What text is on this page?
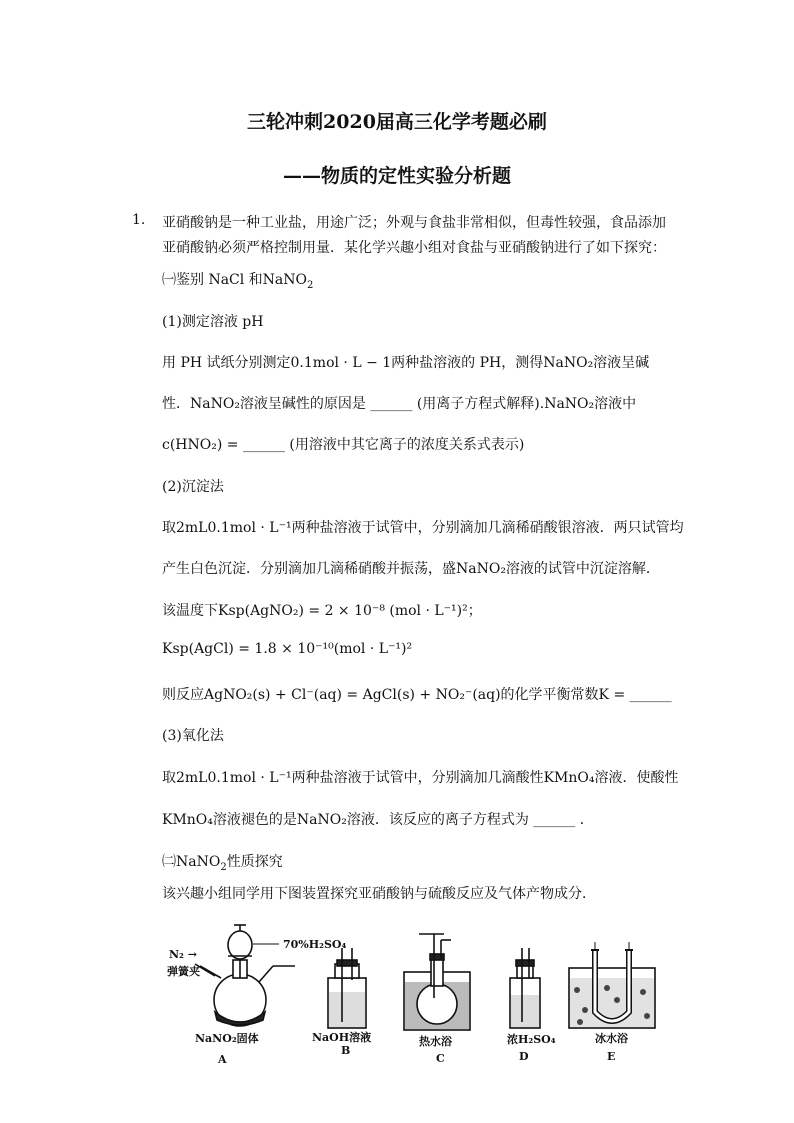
三轮冲刺2020届高三化学考题必刷
——物质的定性实验分析题
1. 亚硝酸钠是一种工业盐，用途广泛；外观与食盐非常相似，但毒性较强，食品添加
亚硝酸钠必须严格控制用量．某化学兴趣小组对食盐与亚硝酸钠进行了如下探究：
㈠鉴别 NaCl 和NaNO$_2$
(1)测定溶液 pH
用 PH 试纸分别测定0.1mol · L − 1两种盐溶液的 PH，测得NaNO₂溶液呈碱
性．NaNO₂溶液呈碱性的原因是 ______ (用离子方程式解释).NaNO₂溶液中
c(HNO₂) = ______ (用溶液中其它离子的浓度关系式表示)
(2)沉淀法
取2mL0.1mol · L⁻¹两种盐溶液于试管中，分别滴加几滴稀硝酸银溶液．两只试管均
产生白色沉淀．分别滴加几滴稀硝酸并振荡，盛NaNO₂溶液的试管中沉淀溶解．
该温度下Ksp(AgNO₂) = 2 × 10⁻⁸ (mol · L⁻¹)²；
Ksp(AgCl) = 1.8 × 10⁻¹⁰(mol · L⁻¹)²
则反应AgNO₂(s) + Cl⁻(aq) = AgCl(s) + NO₂⁻(aq)的化学平衡常数K = ______
(3)氧化法
取2mL0.1mol · L⁻¹两种盐溶液于试管中，分别滴加几滴酸性KMnO₄溶液．使酸性
KMnO₄溶液褪色的是NaNO₂溶液．该反应的离子方程式为 ______ ．
㈡NaNO$_2$性质探究
该兴趣小组同学用下图装置探究亚硝酸钠与硫酸反应及气体产物成分．
N₂ →
弹簧夹
70%H₂SO₄
NaNO₂固体	NaOH溶液	热水浴	浓H₂SO₄	冰水浴
A
B
C	D	E
